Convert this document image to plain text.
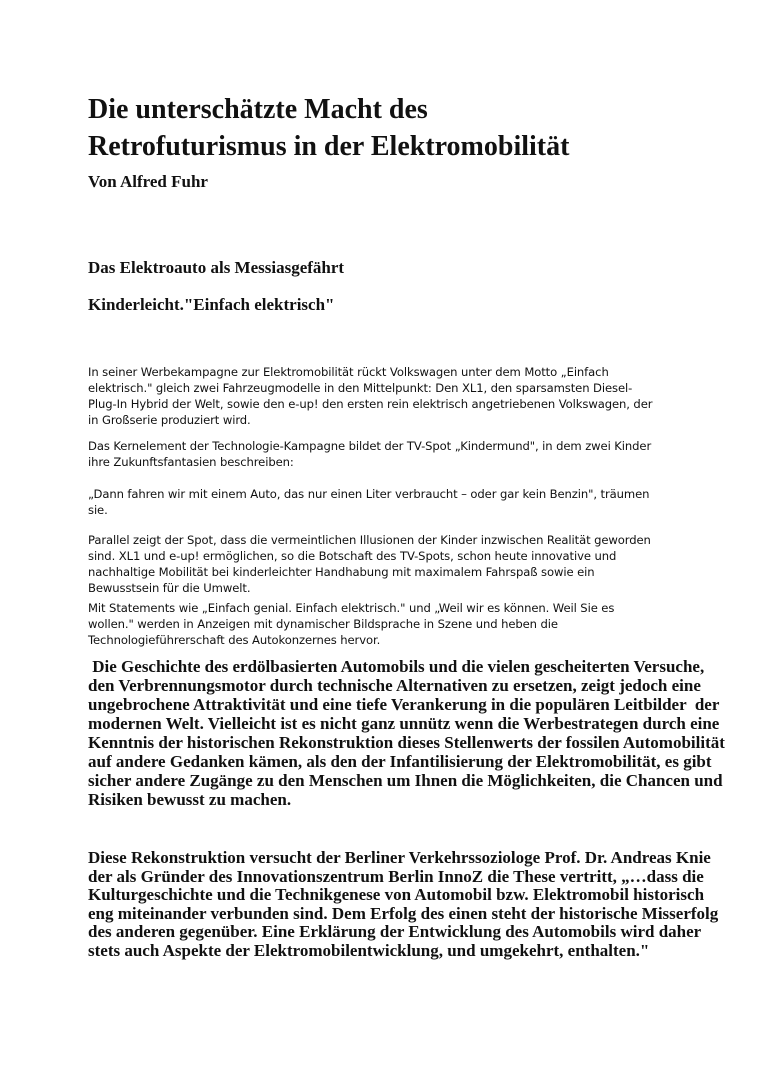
Die unterschätzte Macht des
Retrofuturismus in der Elektromobilität
Von Alfred Fuhr
Das Elektroauto als Messiasgefährt
Kinderleicht."Einfach elektrisch"

In seiner Werbekampagne zur Elektromobilität rückt Volkswagen unter dem Motto „Einfach
elektrisch." gleich zwei Fahrzeugmodelle in den Mittelpunkt: Den XL1, den sparsamsten Diesel-
Plug-In Hybrid der Welt, sowie den e-up! den ersten rein elektrisch angetriebenen Volkswagen, der
in Großserie produziert wird.

Das Kernelement der Technologie-Kampagne bildet der TV-Spot „Kindermund", in dem zwei Kinder
ihre Zukunftsfantasien beschreiben:

„Dann fahren wir mit einem Auto, das nur einen Liter verbraucht – oder gar kein Benzin", träumen
sie.

Parallel zeigt der Spot, dass die vermeintlichen Illusionen der Kinder inzwischen Realität geworden
sind. XL1 und e-up! ermöglichen, so die Botschaft des TV-Spots, schon heute innovative und
nachhaltige Mobilität bei kinderleichter Handhabung mit maximalem Fahrspaß sowie ein
Bewusstsein für die Umwelt.

Mit Statements wie „Einfach genial. Einfach elektrisch." und „Weil wir es können. Weil Sie es
wollen." werden in Anzeigen mit dynamischer Bildsprache in Szene und heben die
Technologieführerschaft des Autokonzernes hervor.

Die Geschichte des erdölbasierten Automobils und die vielen gescheiterten Versuche,
den Verbrennungsmotor durch technische Alternativen zu ersetzen, zeigt jedoch eine
ungebrochene Attraktivität und eine tiefe Verankerung in die populären Leitbilder  der
modernen Welt. Vielleicht ist es nicht ganz unnütz wenn die Werbestrategen durch eine
Kenntnis der historischen Rekonstruktion dieses Stellenwerts der fossilen Automobilität
auf andere Gedanken kämen, als den der Infantilisierung der Elektromobilität, es gibt
sicher andere Zugänge zu den Menschen um Ihnen die Möglichkeiten, die Chancen und
Risiken bewusst zu machen.

Diese Rekonstruktion versucht der Berliner Verkehrssoziologe Prof. Dr. Andreas Knie
der als Gründer des Innovationszentrum Berlin InnoZ die These vertritt, „…dass die
Kulturgeschichte und die Technikgenese von Automobil bzw. Elektromobil historisch
eng miteinander verbunden sind. Dem Erfolg des einen steht der historische Misserfolg
des anderen gegenüber. Eine Erklärung der Entwicklung des Automobils wird daher
stets auch Aspekte der Elektromobilentwicklung, und umgekehrt, enthalten."
